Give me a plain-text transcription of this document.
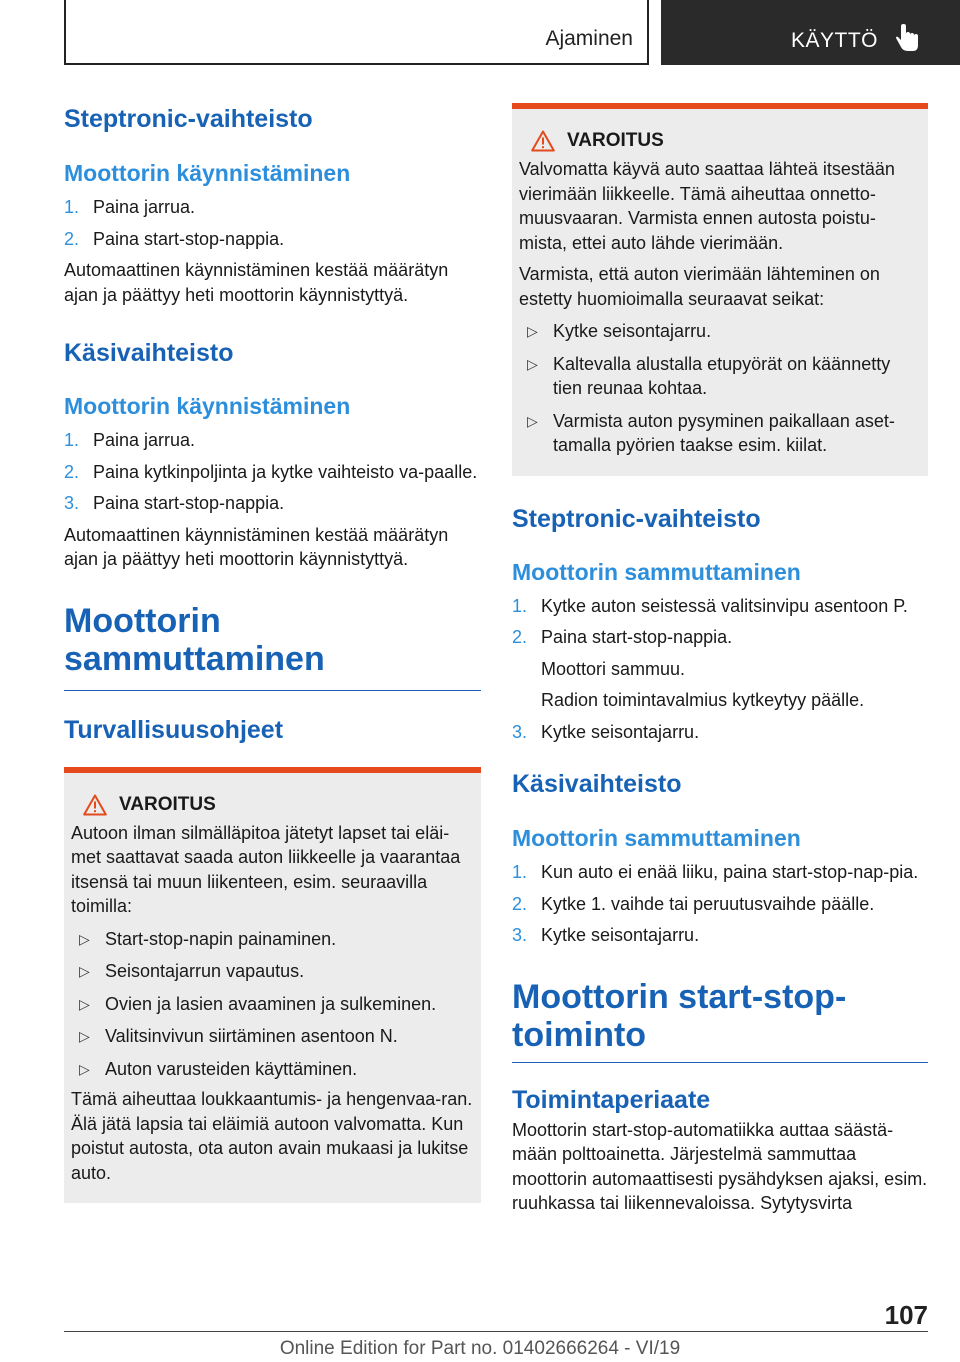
Ajaminen	KÄYTTÖ
Steptronic-vaihteisto
Moottorin käynnistäminen
1. Paina jarrua.
2. Paina start-stop-nappia.
Automaattinen käynnistäminen kestää määrätyn ajan ja päättyy heti moottorin käynnistyttyä.
Käsivaihteisto
Moottorin käynnistäminen
1. Paina jarrua.
2. Paina kytkinpoljinta ja kytke vaihteisto va-paalle.
3. Paina start-stop-nappia.
Automaattinen käynnistäminen kestää määrätyn ajan ja päättyy heti moottorin käynnistyttyä.
Moottorin sammuttaminen
Turvallisuusohjeet
VAROITUS
Autoon ilman silmälläpitoa jätetyt lapset tai eläi-met saattavat saada auton liikkeelle ja vaarantaa itsensä tai muun liikenteen, esim. seuraavilla toimilla:
▷ Start-stop-napin painaminen.
▷ Seisontajarrun vapautus.
▷ Ovien ja lasien avaaminen ja sulkeminen.
▷ Valitsinvivun siirtäminen asentoon N.
▷ Auton varusteiden käyttäminen.
Tämä aiheuttaa loukkaantumis- ja hengenvaa-ran. Älä jätä lapsia tai eläimiä autoon valvomatta. Kun poistut autosta, ota auton avain mukaasi ja lukitse auto.
VAROITUS
Valvomatta käyvä auto saattaa lähteä itsestään vierimään liikkeelle. Tämä aiheuttaa onnetto-muusvaaran. Varmista ennen autosta poistu-mista, ettei auto lähde vierimään.
Varmista, että auton vierimään lähteminen on estetty huomioimalla seuraavat seikat:
▷ Kytke seisontajarru.
▷ Kaltevalla alustalla etupyörät on käännetty tien reunaa kohtaa.
▷ Varmista auton pysyminen paikallaan aset-tamalla pyörien taakse esim. kiilat.
Steptronic-vaihteisto
Moottorin sammuttaminen
1. Kytke auton seistessä valitsinvipu asentoon P.
2. Paina start-stop-nappia.
Moottori sammuu.
Radion toimintavalmius kytkeytyy päälle.
3. Kytke seisontajarru.
Käsivaihteisto
Moottorin sammuttaminen
1. Kun auto ei enää liiku, paina start-stop-nap-pia.
2. Kytke 1. vaihde tai peruutusvaihde päälle.
3. Kytke seisontajarru.
Moottorin start-stop-toiminto
Toimintaperiaate
Moottorin start-stop-automatiikka auttaa säästä-mään polttoainetta. Järjestelmä sammuttaa moottorin automaattisesti pysähdyksen ajaksi, esim. ruuhkassa tai liikennevaloissa. Sytytysvirta
107
Online Edition for Part no. 01402666264 - VI/19
